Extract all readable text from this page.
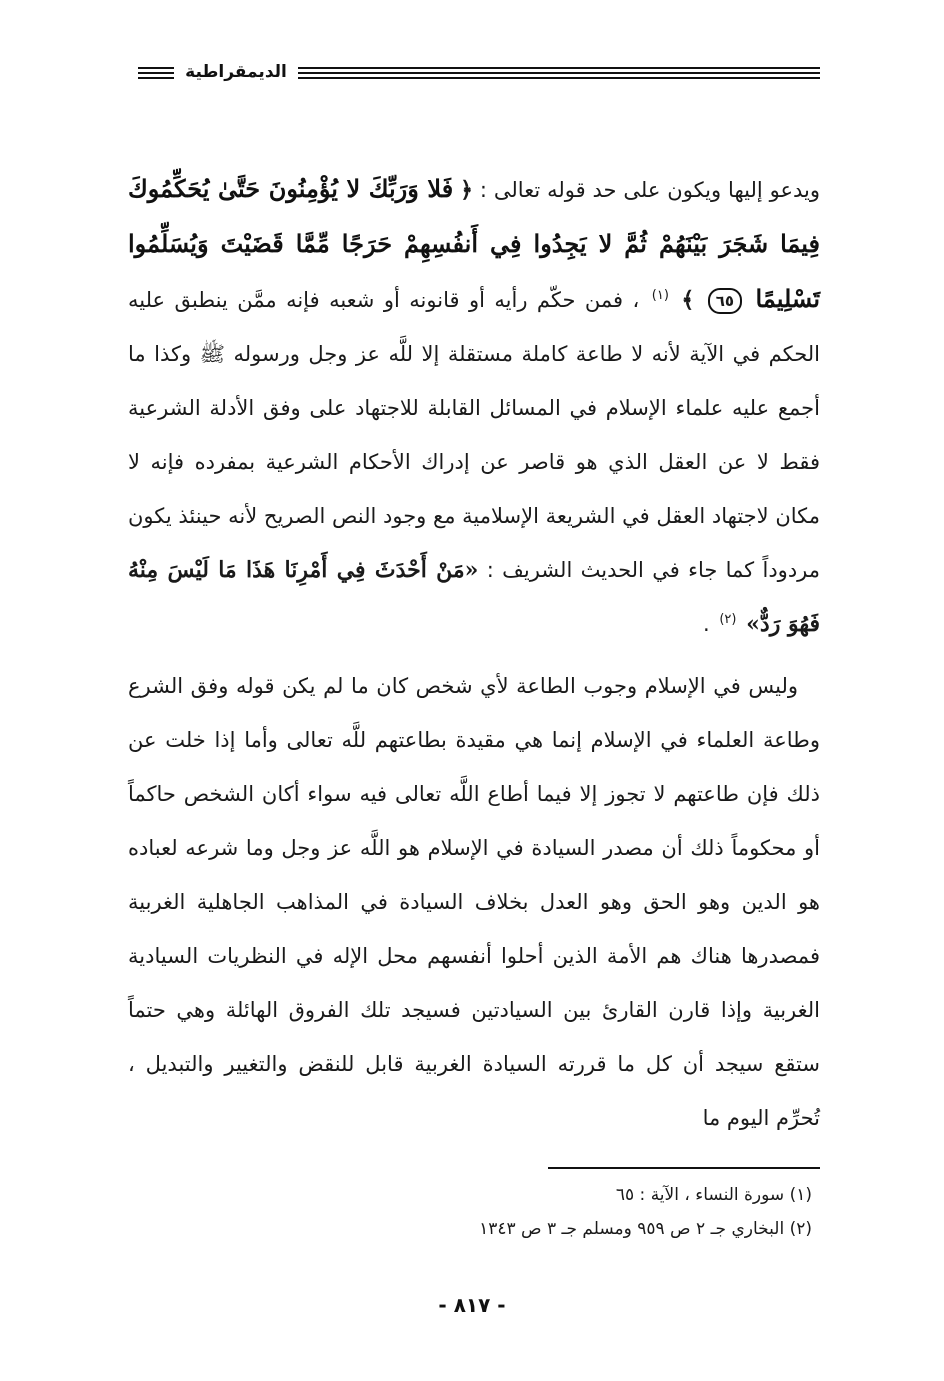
الديمقراطية
ويدعو إليها ويكون على حد قوله تعالى : ﴿ فَلا وَرَبِّكَ لا يُؤْمِنُونَ حَتَّىٰ يُحَكِّمُوكَ فِيمَا شَجَرَ بَيْنَهُمْ ثُمَّ لا يَجِدُوا فِي أَنفُسِهِمْ حَرَجًا مِّمَّا قَضَيْتَ وَيُسَلِّمُوا تَسْلِيمًا ٦٥ ﴾ $^{(١)}$ ، فمن حكّم رأيه أو قانونه أو شعبه فإنه ممَّن ينطبق عليه الحكم في الآية لأنه لا طاعة كاملة مستقلة إلا للَّه عز وجل ورسوله ﷺ وكذا ما أجمع عليه علماء الإسلام في المسائل القابلة للاجتهاد على وفق الأدلة الشرعية فقط لا عن العقل الذي هو قاصر عن إدراك الأحكام الشرعية بمفرده فإنه لا مكان لاجتهاد العقل في الشريعة الإسلامية مع وجود النص الصريح لأنه حينئذ يكون مردوداً كما جاء في الحديث الشريف : «مَنْ أَحْدَثَ فِي أَمْرِنَا هَذَا مَا لَيْسَ مِنْهُ فَهُوَ رَدٌّ» $^{(٢)}$ .
وليس في الإسلام وجوب الطاعة لأي شخص كان ما لم يكن قوله وفق الشرع وطاعة العلماء في الإسلام إنما هي مقيدة بطاعتهم للَّه تعالى وأما إذا خلت عن ذلك فإن طاعتهم لا تجوز إلا فيما أطاع اللَّه تعالى فيه سواء أكان الشخص حاكماً أو محكوماً ذلك أن مصدر السيادة في الإسلام هو اللَّه عز وجل وما شرعه لعباده هو الدين وهو الحق وهو العدل بخلاف السيادة في المذاهب الجاهلية الغربية فمصدرها هناك هم الأمة الذين أحلوا أنفسهم محل الإله في النظريات السيادية الغربية وإذا قارن القارئ بين السيادتين فسيجد تلك الفروق الهائلة وهي حتماً ستقع سيجد أن كل ما قررته السيادة الغربية قابل للنقض والتغيير والتبديل ، تُحرِّم اليوم ما

(١) سورة النساء ، الآية : ٦٥

(٢) البخاري جـ ٢ ص ٩٥٩ ومسلم جـ ٣ ص ١٣٤٣

- ٨١٧ -
